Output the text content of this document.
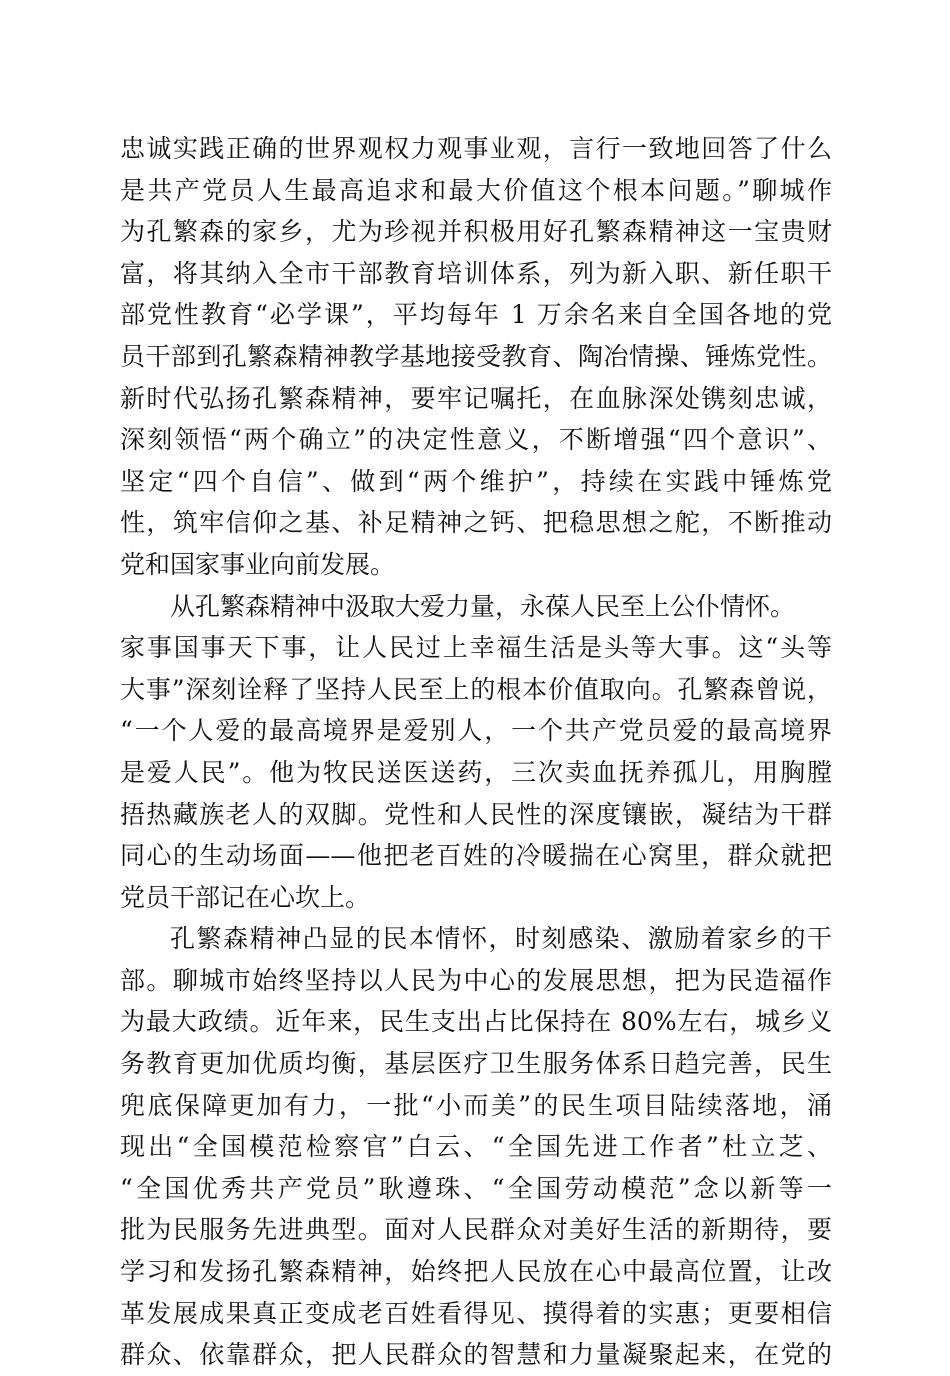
忠诚实践正确的世界观权力观事业观，言行一致地回答了什么
是共产党员人生最高追求和最大价值这个根本问题。”聊城作
为孔繁森的家乡，尤为珍视并积极用好孔繁森精神这一宝贵财
富，将其纳入全市干部教育培训体系，列为新入职、新任职干
部党性教育“必学课”，平均每年 1 万余名来自全国各地的党
员干部到孔繁森精神教学基地接受教育、陶冶情操、锤炼党性。
新时代弘扬孔繁森精神，要牢记嘱托，在血脉深处镌刻忠诚，
深刻领悟“两个确立”的决定性意义，不断增强“四个意识”、
坚定“四个自信”、做到“两个维护”，持续在实践中锤炼党
性，筑牢信仰之基、补足精神之钙、把稳思想之舵，不断推动
党和国家事业向前发展。
从孔繁森精神中汲取大爱力量，永葆人民至上公仆情怀。
家事国事天下事，让人民过上幸福生活是头等大事。这“头等
大事”深刻诠释了坚持人民至上的根本价值取向。孔繁森曾说，
“一个人爱的最高境界是爱别人，一个共产党员爱的最高境界
是爱人民”。他为牧民送医送药，三次卖血抚养孤儿，用胸膛
捂热藏族老人的双脚。党性和人民性的深度镶嵌，凝结为干群
同心的生动场面——他把老百姓的冷暖揣在心窝里，群众就把
党员干部记在心坎上。
孔繁森精神凸显的民本情怀，时刻感染、激励着家乡的干
部。聊城市始终坚持以人民为中心的发展思想，把为民造福作
为最大政绩。近年来，民生支出占比保持在 80%左右，城乡义
务教育更加优质均衡，基层医疗卫生服务体系日趋完善，民生
兜底保障更加有力，一批“小而美”的民生项目陆续落地，涌
现出“全国模范检察官”白云、“全国先进工作者”杜立芝、
“全国优秀共产党员”耿遵珠、“全国劳动模范”念以新等一
批为民服务先进典型。面对人民群众对美好生活的新期待，要
学习和发扬孔繁森精神，始终把人民放在心中最高位置，让改
革发展成果真正变成老百姓看得见、摸得着的实惠；更要相信
群众、依靠群众，把人民群众的智慧和力量凝聚起来，在党的
